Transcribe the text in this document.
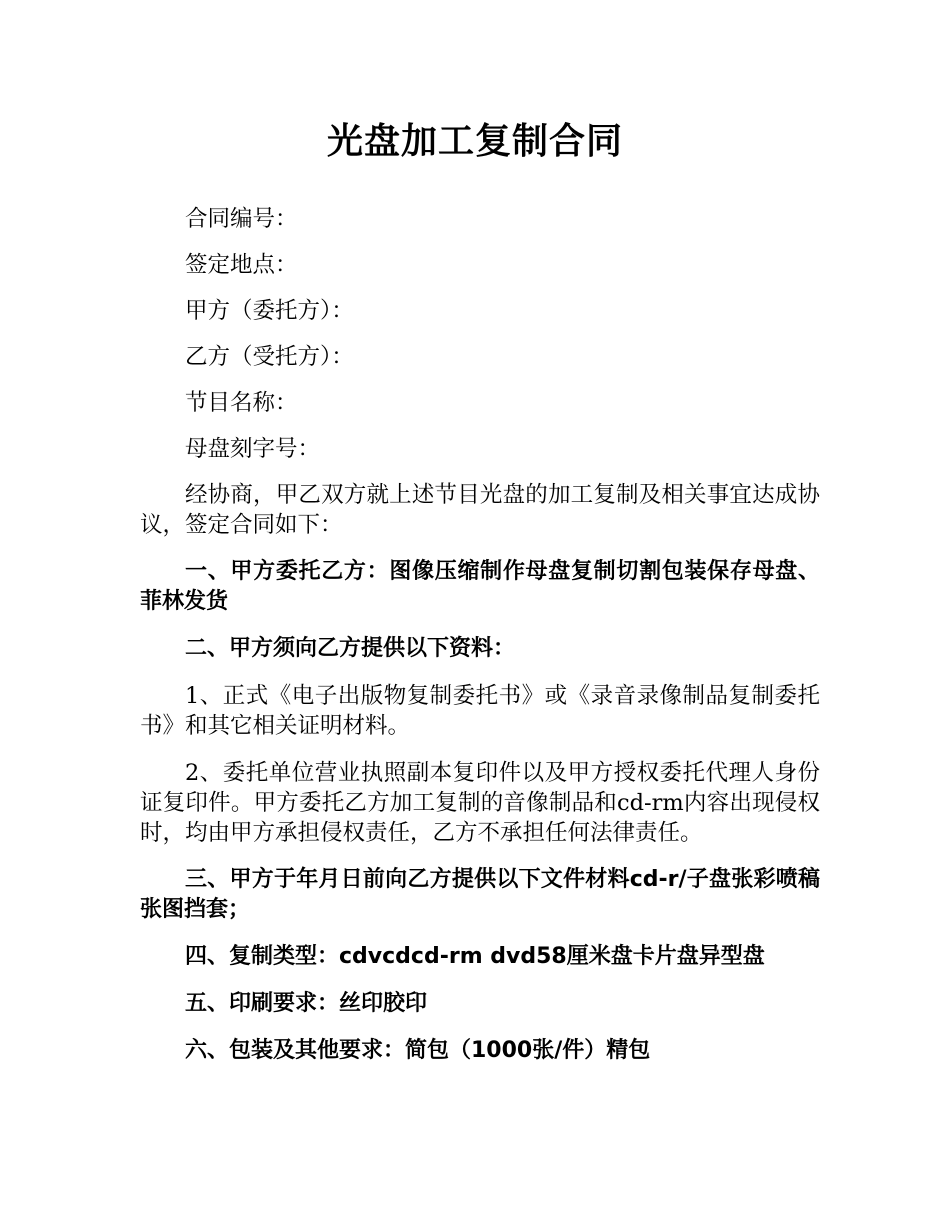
光盘加工复制合同

合同编号：

签定地点：

甲方（委托方）：

乙方（受托方）：

节目名称：

母盘刻字号：

经协商，甲乙双方就上述节目光盘的加工复制及相关事宜达成协议，签定合同如下：

一、甲方委托乙方：图像压缩制作母盘复制切割包装保存母盘、菲林发货

二、甲方须向乙方提供以下资料：

1、正式《电子出版物复制委托书》或《录音录像制品复制委托书》和其它相关证明材料。

2、委托单位营业执照副本复印件以及甲方授权委托代理人身份证复印件。甲方委托乙方加工复制的音像制品和cd-rm内容出现侵权时，均由甲方承担侵权责任，乙方不承担任何法律责任。

三、甲方于年月日前向乙方提供以下文件材料cd-r/子盘张彩喷稿张图挡套；

四、复制类型：cdvcdcd-rm dvd58厘米盘卡片盘异型盘

五、印刷要求：丝印胶印

六、包装及其他要求：简包（1000张/件）精包
